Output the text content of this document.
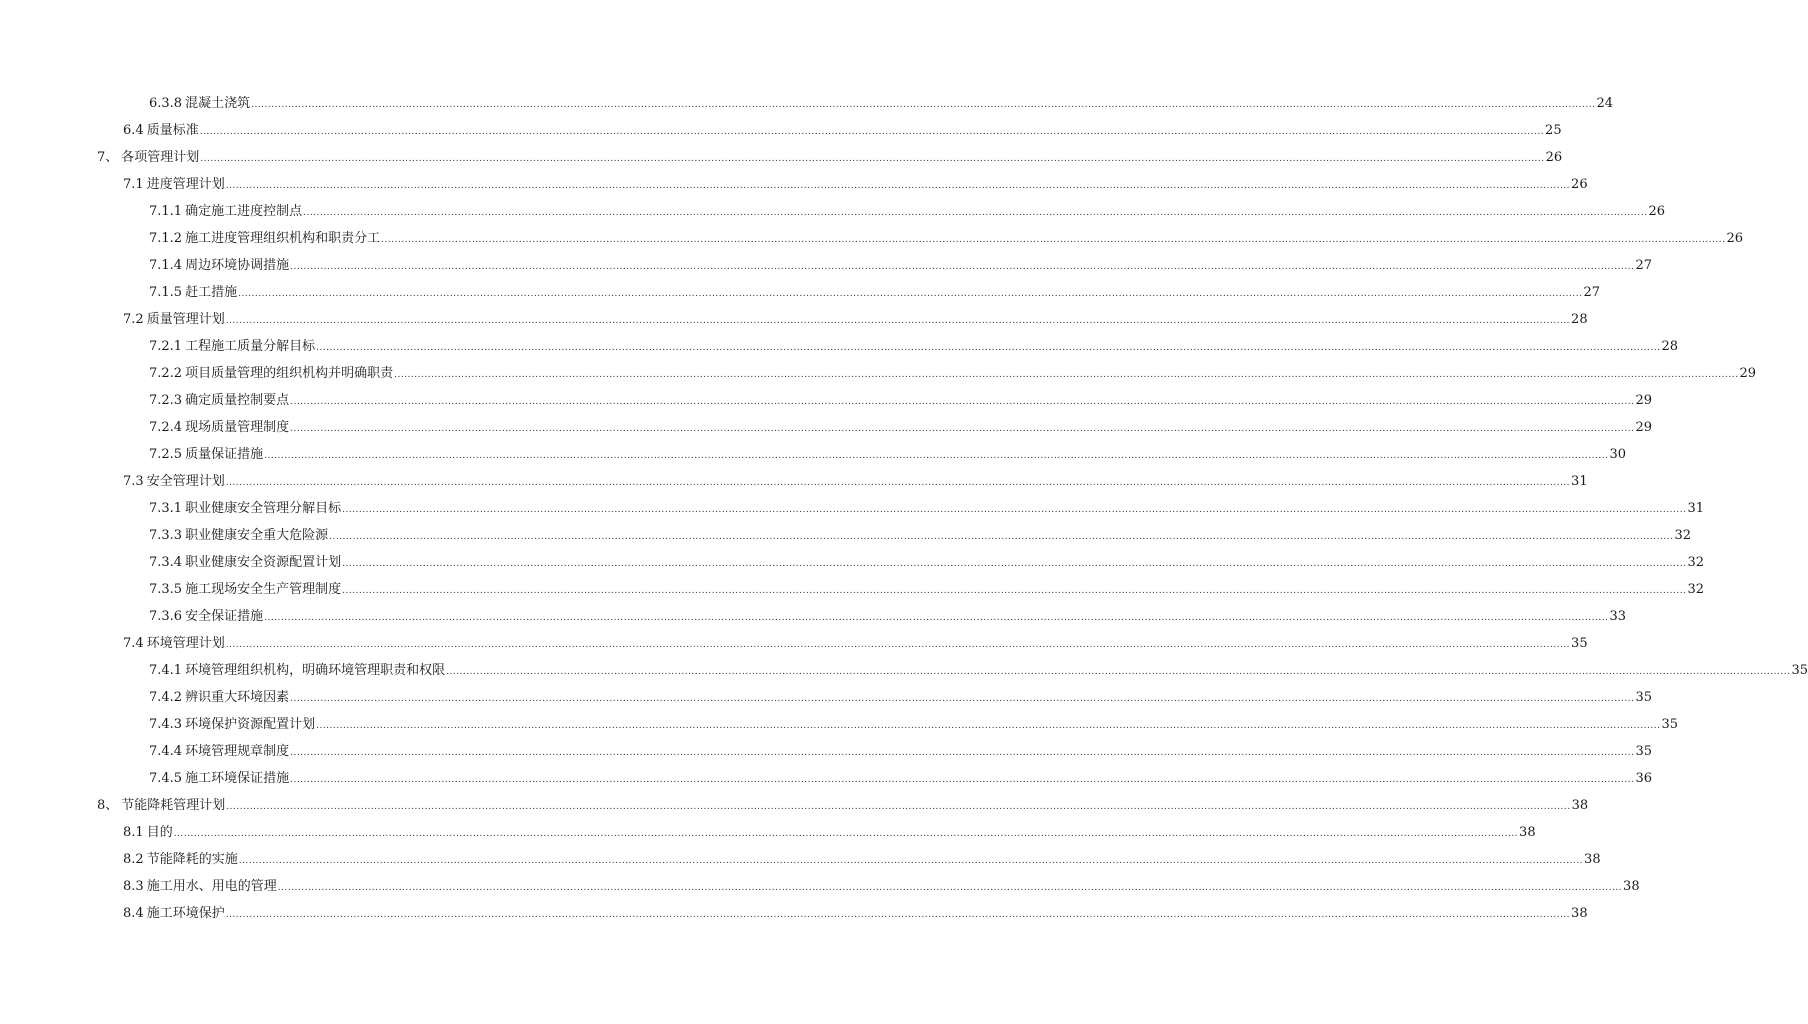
6.3.8 混凝土浇筑 ................................................................................................................................................................................................................................................................................................................................................................................................................ 24
6.4 质量标准 ................................................................................................................................................................................................................................................................................................................................................................................................................ 25
7、 各项管理计划 ................................................................................................................................................................................................................................................................................................................................................................................................................ 26
7.1 进度管理计划 ................................................................................................................................................................................................................................................................................................................................................................................................................ 26
7.1.1 确定施工进度控制点 ................................................................................................................................................................................................................................................................................................................................................................................................................ 26
7.1.2 施工进度管理组织机构和职责分工 ................................................................................................................................................................................................................................................................................................................................................................................................................ 26
7.1.4 周边环境协调措施 ................................................................................................................................................................................................................................................................................................................................................................................................................ 27
7.1.5 赶工措施 ................................................................................................................................................................................................................................................................................................................................................................................................................ 27
7.2 质量管理计划 ................................................................................................................................................................................................................................................................................................................................................................................................................ 28
7.2.1 工程施工质量分解目标 ................................................................................................................................................................................................................................................................................................................................................................................................................ 28
7.2.2 项目质量管理的组织机构并明确职责 ................................................................................................................................................................................................................................................................................................................................................................................................................ 29
7.2.3 确定质量控制要点 ................................................................................................................................................................................................................................................................................................................................................................................................................ 29
7.2.4 现场质量管理制度 ................................................................................................................................................................................................................................................................................................................................................................................................................ 29
7.2.5 质量保证措施 ................................................................................................................................................................................................................................................................................................................................................................................................................ 30
7.3 安全管理计划 ................................................................................................................................................................................................................................................................................................................................................................................................................ 31
7.3.1 职业健康安全管理分解目标 ................................................................................................................................................................................................................................................................................................................................................................................................................ 31
7.3.3 职业健康安全重大危险源 ................................................................................................................................................................................................................................................................................................................................................................................................................ 32
7.3.4 职业健康安全资源配置计划 ................................................................................................................................................................................................................................................................................................................................................................................................................ 32
7.3.5 施工现场安全生产管理制度 ................................................................................................................................................................................................................................................................................................................................................................................................................ 32
7.3.6 安全保证措施 ................................................................................................................................................................................................................................................................................................................................................................................................................ 33
7.4 环境管理计划 ................................................................................................................................................................................................................................................................................................................................................................................................................ 35
7.4.1 环境管理组织机构，明确环境管理职责和权限 ................................................................................................................................................................................................................................................................................................................................................................................................................ 35
7.4.2 辨识重大环境因素 ................................................................................................................................................................................................................................................................................................................................................................................................................ 35
7.4.3 环境保护资源配置计划 ................................................................................................................................................................................................................................................................................................................................................................................................................ 35
7.4.4 环境管理规章制度 ................................................................................................................................................................................................................................................................................................................................................................................................................ 35
7.4.5 施工环境保证措施 ................................................................................................................................................................................................................................................................................................................................................................................................................ 36
8、 节能降耗管理计划 ................................................................................................................................................................................................................................................................................................................................................................................................................ 38
8.1 目的 ................................................................................................................................................................................................................................................................................................................................................................................................................ 38
8.2 节能降耗的实施 ................................................................................................................................................................................................................................................................................................................................................................................................................ 38
8.3 施工用水、用电的管理 ................................................................................................................................................................................................................................................................................................................................................................................................................ 38
8.4 施工环境保护 ................................................................................................................................................................................................................................................................................................................................................................................................................ 38
